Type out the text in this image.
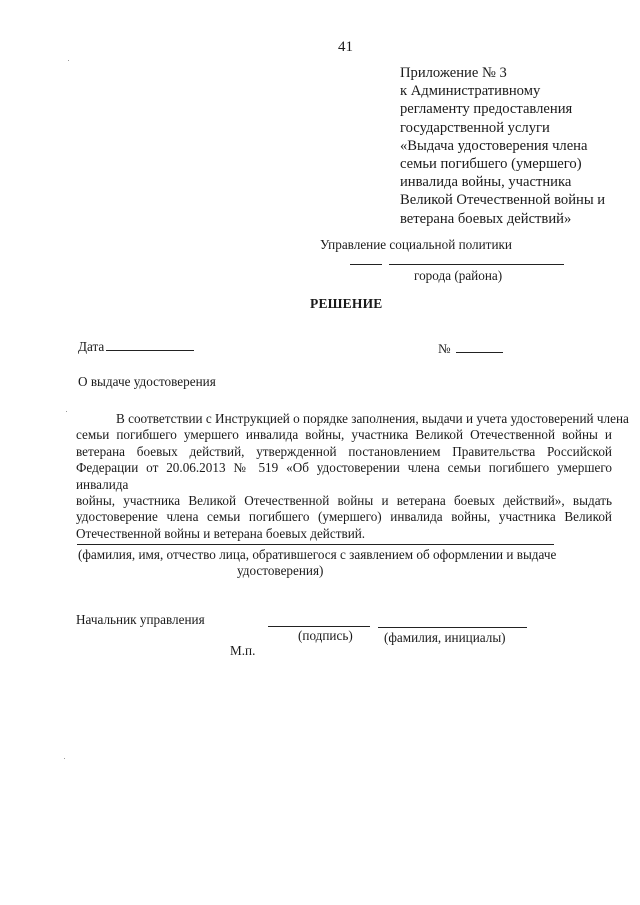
41
Приложение № 3
к Административному
регламенту предоставления
государственной услуги
«Выдача удостоверения члена
семьи погибшего (умершего)
инвалида войны, участника
Великой Отечественной войны и
ветерана боевых действий»
Управление социальной политики
города (района)
РЕШЕНИЕ
Дата	№
О выдаче удостоверения
В соответствии с Инструкцией о порядке заполнения, выдачи и учета удостоверений члена
семьи погибшего умершего инвалида войны, участника Великой Отечественной войны и
ветерана боевых действий, утвержденной постановлением Правительства Российской
Федерации от 20.06.2013 № 519 «Об удостоверении члена семьи погибшего умершего инвалида
войны, участника Великой Отечественной войны и ветерана боевых действий», выдать
удостоверение члена семьи погибшего (умершего) инвалида войны, участника Великой
Отечественной войны и ветерана боевых действий.
(фамилия, имя, отчество лица, обратившегося с заявлением об оформлении и выдаче
удостоверения)
Начальник управления
(подпись) (фамилия, инициалы)
М.п.
